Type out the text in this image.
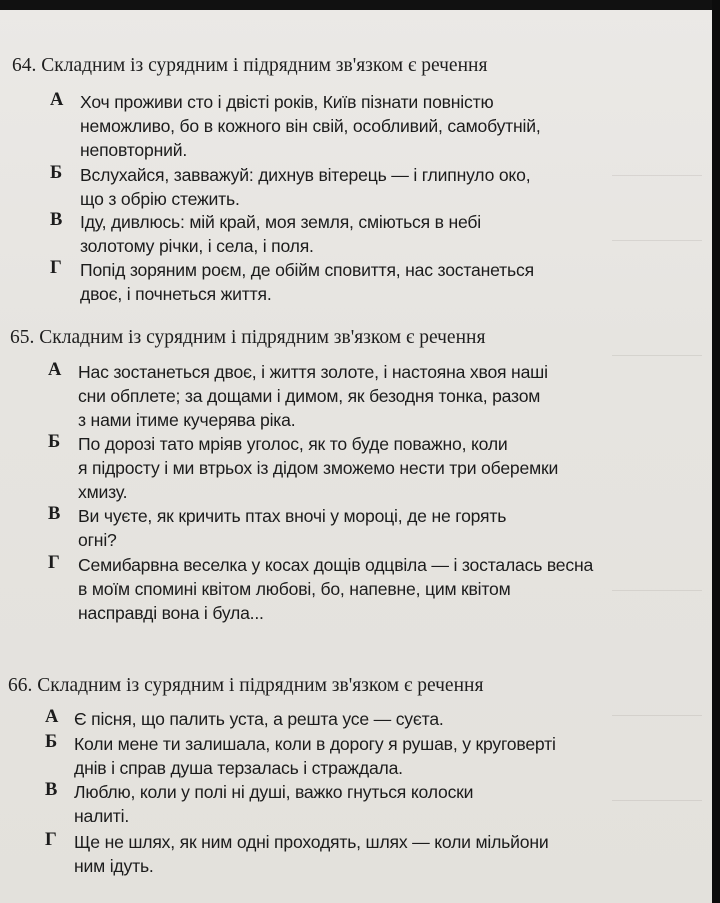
64. Складним із сурядним і підрядним зв'язком є речення
А Хоч проживи сто і двісті років, Київ пізнати повністю
неможливо, бо в кожного він свій, особливий, самобутній,
неповторний.
Б Вслухайся, завважуй: дихнув вітерець — і глипнуло око,
що з обрію стежить.
В Іду, дивлюсь: мій край, моя земля, сміються в небі
золотому річки, і села, і поля.
Г Попід зоряним роєм, де обійм сповиття, нас зостанеться
двоє, і почнеться життя.
65. Складним із сурядним і підрядним зв'язком є речення
А Нас зостанеться двоє, і життя золоте, і настояна хвоя наші
сни обплете; за дощами і димом, як безодня тонка, разом
з нами ітиме кучерява ріка.
Б По дорозі тато мріяв уголос, як то буде поважно, коли
я підросту і ми втрьох із дідом зможемо нести три оберемки
хмизу.
В Ви чуєте, як кричить птах вночі у мороці, де не горять
огні?
Г Семибарвна веселка у косах дощів одцвіла — і зосталась весна
в моїм спомині квітом любові, бо, напевне, цим квітом
насправді вона і була...
66. Складним із сурядним і підрядним зв'язком є речення
А Є пісня, що палить уста, а решта усе — суєта.
Б Коли мене ти залишала, коли в дорогу я рушав, у круговерті
днів і справ душа терзалась і страждала.
В Люблю, коли у полі ні душі, важко гнуться колоски
налиті.
Г Ще не шлях, як ним одні проходять, шлях — коли мільйони
ним ідуть.
